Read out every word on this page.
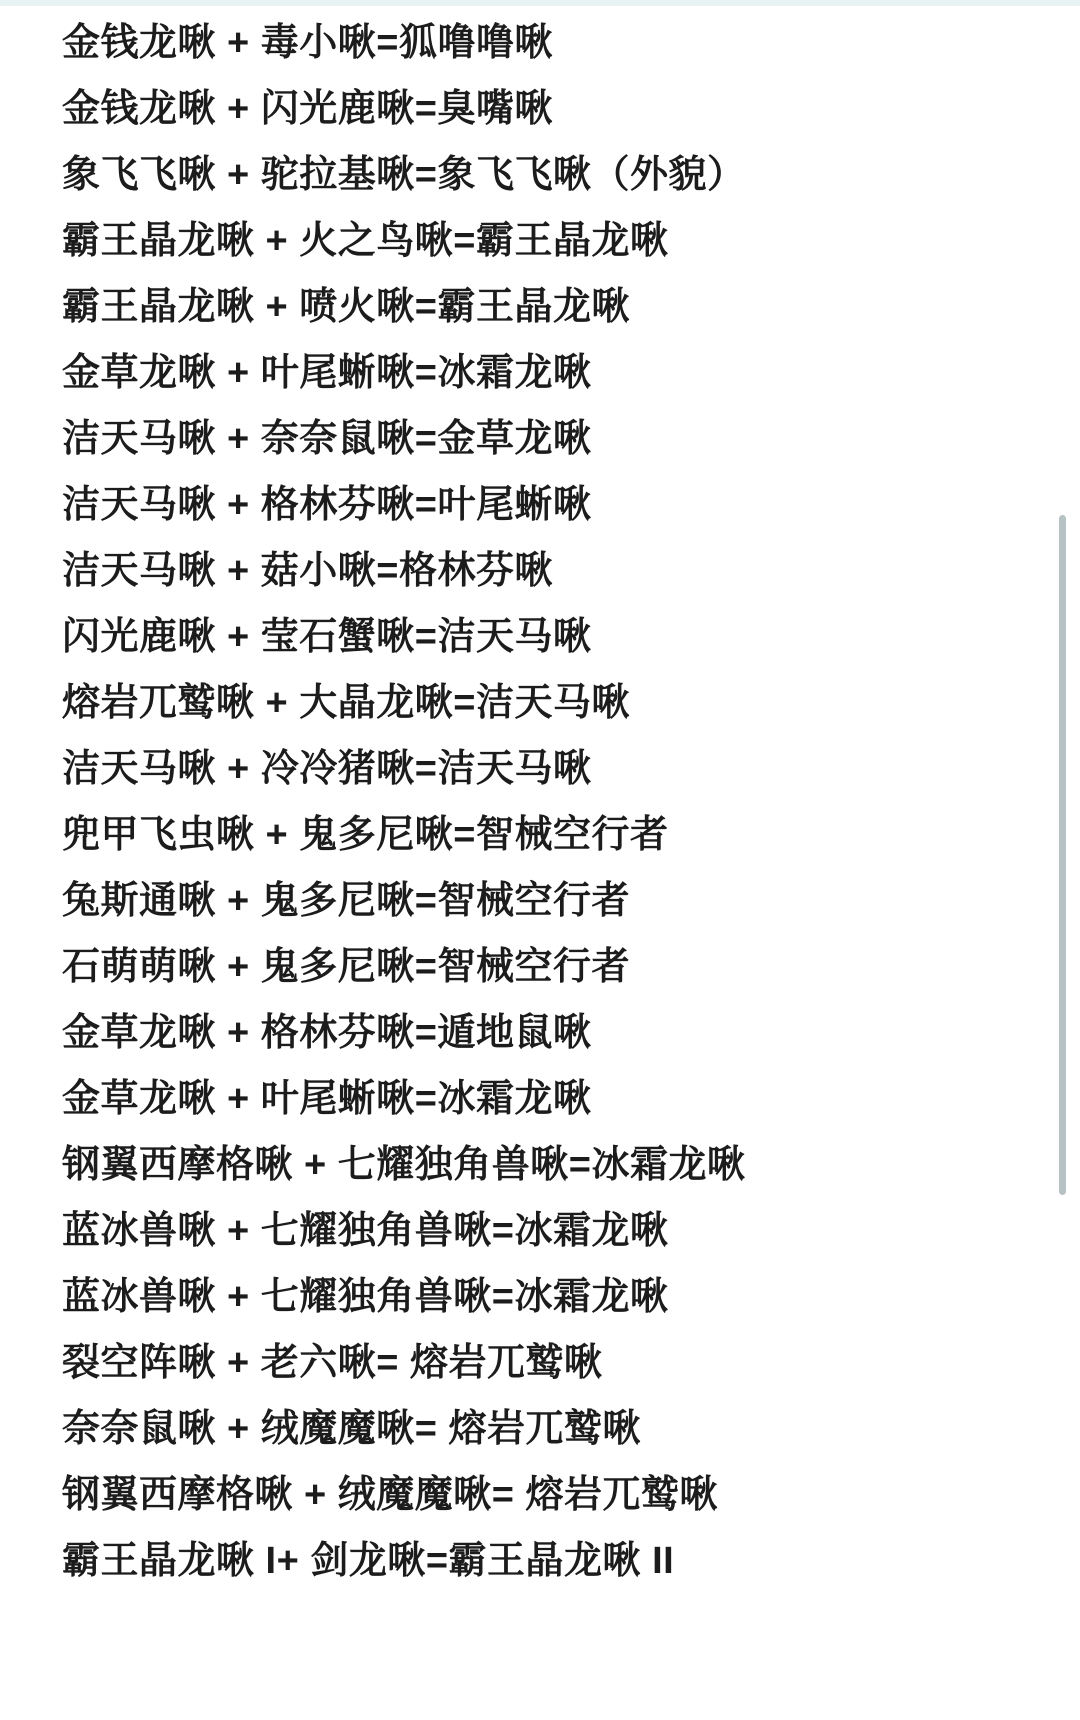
金钱龙啾 + 毒小啾=狐噜噜啾
金钱龙啾 + 闪光鹿啾=臭嘴啾
象飞飞啾 + 驼拉基啾=象飞飞啾（外貌）
霸王晶龙啾 + 火之鸟啾=霸王晶龙啾
霸王晶龙啾 + 喷火啾=霸王晶龙啾
金草龙啾 + 叶尾蜥啾=冰霜龙啾
洁天马啾 + 奈奈鼠啾=金草龙啾
洁天马啾 + 格林芬啾=叶尾蜥啾
洁天马啾 + 菇小啾=格林芬啾
闪光鹿啾 + 莹石蟹啾=洁天马啾
熔岩兀鹫啾 + 大晶龙啾=洁天马啾
洁天马啾 + 冷冷猪啾=洁天马啾
兜甲飞虫啾 + 鬼多尼啾=智械空行者
兔斯通啾 + 鬼多尼啾=智械空行者
石萌萌啾 + 鬼多尼啾=智械空行者
金草龙啾 + 格林芬啾=遁地鼠啾
金草龙啾 + 叶尾蜥啾=冰霜龙啾
钢翼西摩格啾 + 七耀独角兽啾=冰霜龙啾
蓝冰兽啾 + 七耀独角兽啾=冰霜龙啾
蓝冰兽啾 + 七耀独角兽啾=冰霜龙啾
裂空阵啾 + 老六啾= 熔岩兀鹫啾
奈奈鼠啾 + 绒魔魔啾= 熔岩兀鹫啾
钢翼西摩格啾 + 绒魔魔啾= 熔岩兀鹫啾
霸王晶龙啾 I+ 剑龙啾=霸王晶龙啾 II
